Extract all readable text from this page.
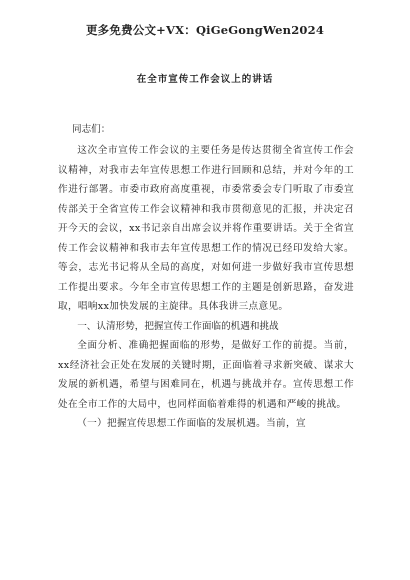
更多免费公文+VX：QiGeGongWen2024
在全市宣传工作会议上的讲话

同志们：

这次全市宣传工作会议的主要任务是传达贯彻全省宣传工作会议精神，对我市去年宣传思想工作进行回顾和总结，并对今年的工作进行部署。市委市政府高度重视，市委常委会专门听取了市委宣传部关于全省宣传工作会议精神和我市贯彻意见的汇报，并决定召开今天的会议，xx书记亲自出席会议并将作重要讲话。关于全省宣传工作会议精神和我市去年宣传思想工作的情况已经印发给大家。等会，志光书记将从全局的高度，对如何进一步做好我市宣传思想工作提出要求。今年全市宣传思想工作的主题是创新思路，奋发进取，唱响xx加快发展的主旋律。具体我讲三点意见。

一、认清形势，把握宣传工作面临的机遇和挑战

全面分析、准确把握面临的形势，是做好工作的前提。当前，xx经济社会正处在发展的关键时期，正面临着寻求新突破、谋求大发展的新机遇，希望与困难同在，机遇与挑战并存。宣传思想工作处在全市工作的大局中，也同样面临着难得的机遇和严峻的挑战。

（一）把握宣传思想工作面临的发展机遇。当前，宣
